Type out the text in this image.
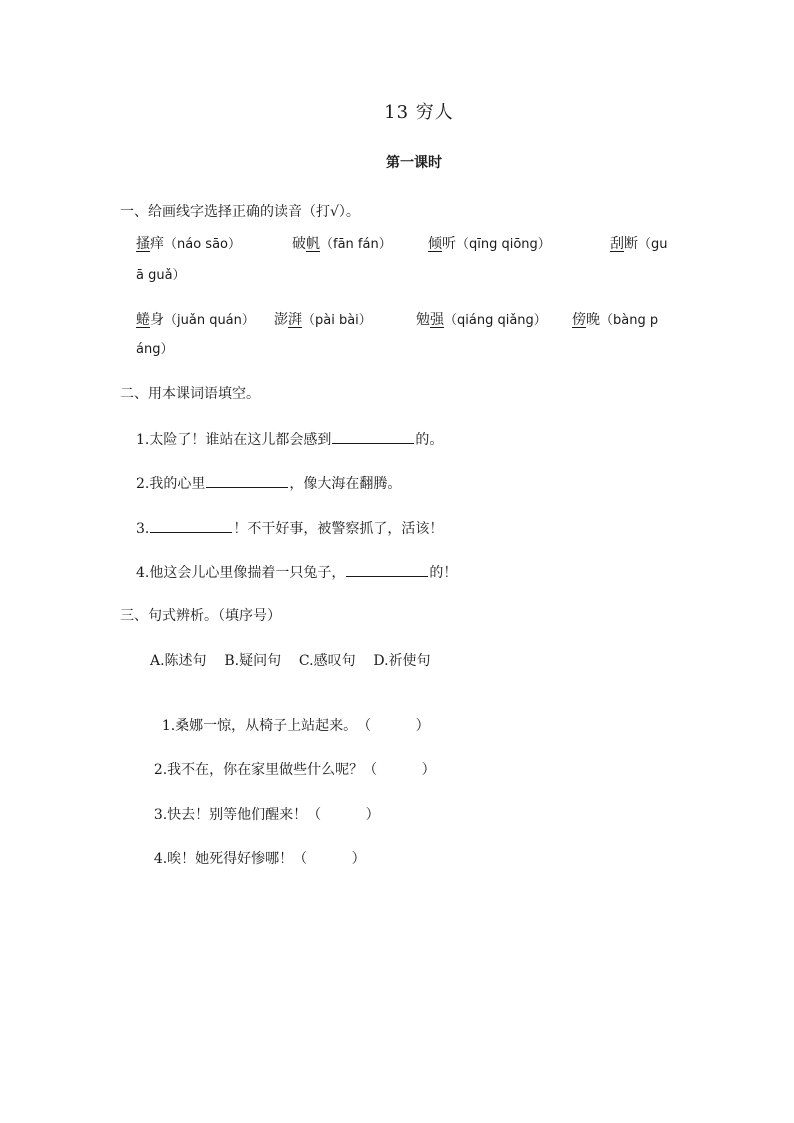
13 穷人
第一课时
一、给画线字选择正确的读音（打√）。
搔痒（náo sāo）	破帆（fān fán）	倾听（qīng qiōng）	刮断（gu
ā guǎ）
蜷身（juǎn quán） 澎湃（pài bài）	勉强（qiáng qiǎng） 傍晚（bàng p
áng）
二、用本课词语填空。
1.太险了！谁站在这儿都会感到	的。
2.我的心里	，像大海在翻腾。
3.	！不干好事，被警察抓了，活该！
4.他这会儿心里像揣着一只兔子，	的！
三、句式辨析。（填序号）
A.陈述句    B.疑问句    C.感叹句    D.祈使句

1.桑娜一惊，从椅子上站起来。（          ）

2.我不在，你在家里做些什么呢？（          ）

3.快去！别等他们醒来！（          ）

4.唉！她死得好惨哪！（          ）
